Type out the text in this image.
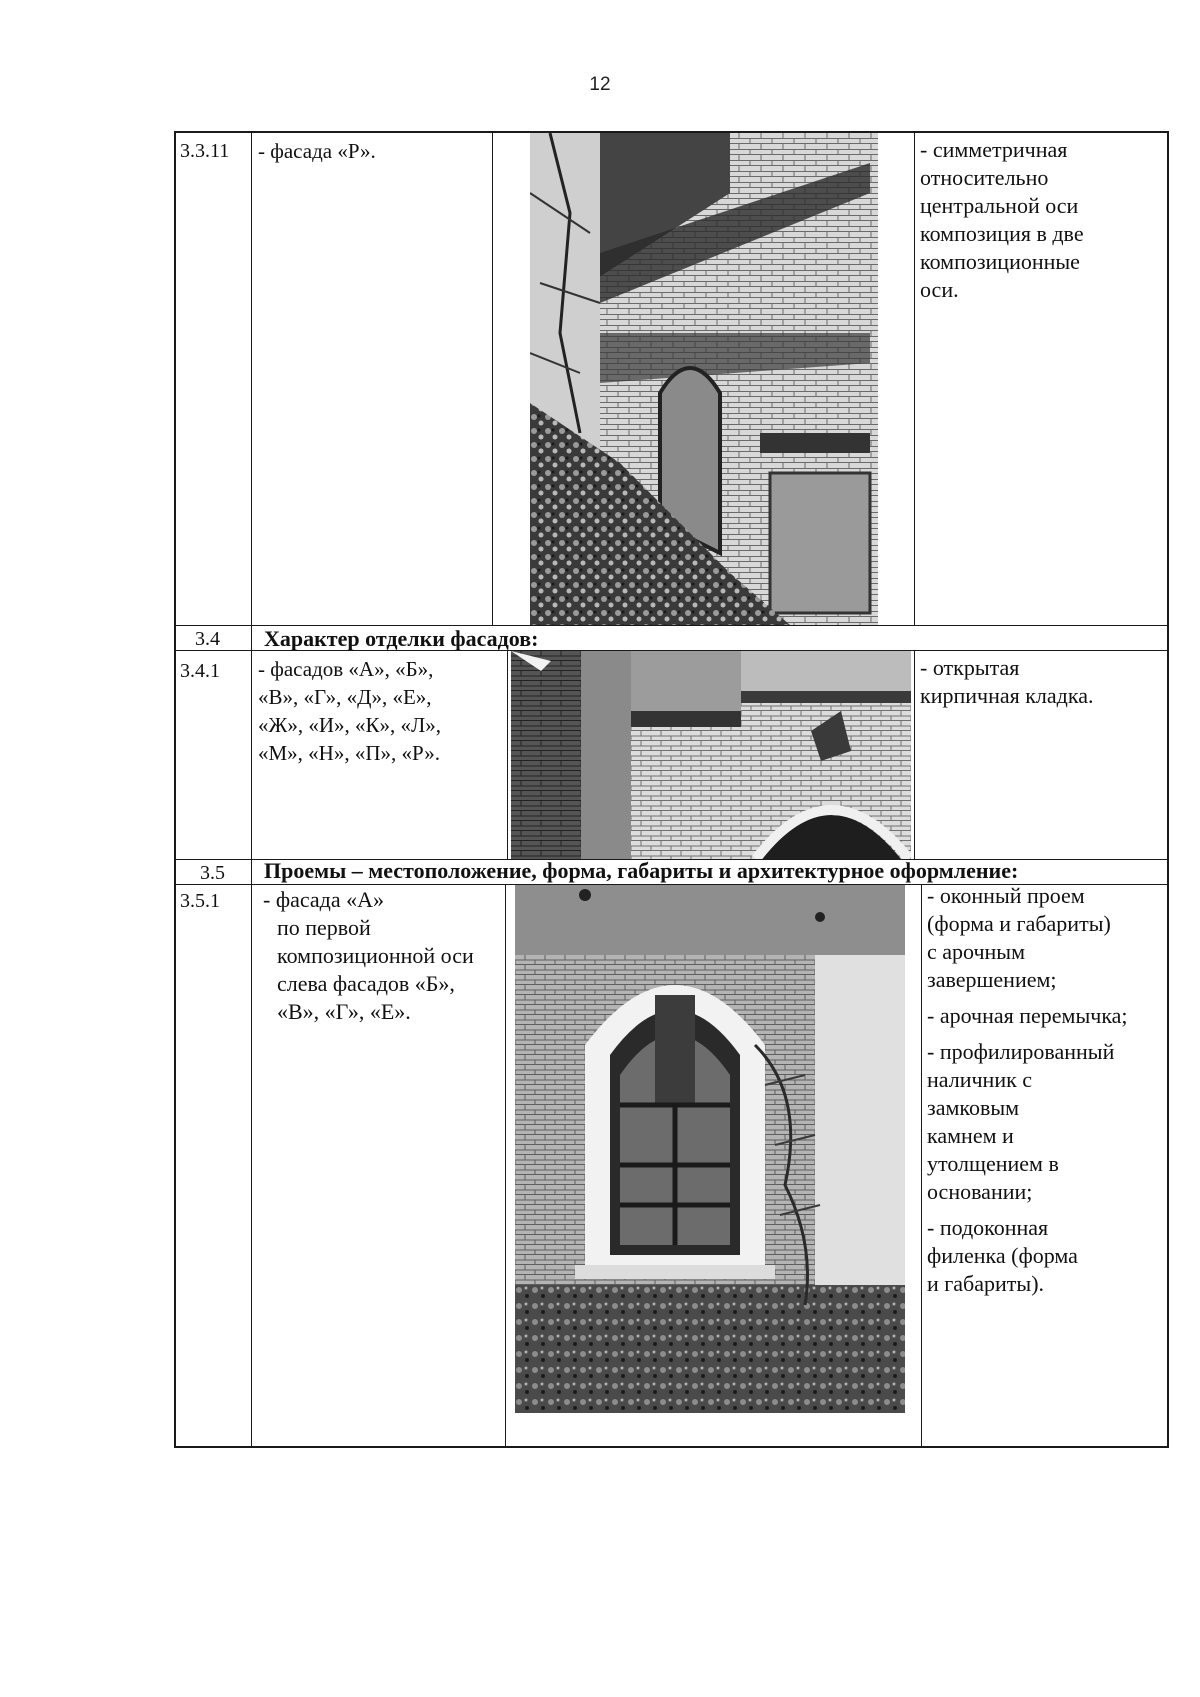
12
3.3.11 - фасада «Р».	- симметричная
относительно
центральной оси
композиция в две
композиционные
оси.
3.4 Характер отделки фасадов:
3.4.1 - фасадов «А», «Б»,
«В», «Г», «Д», «Е»,
«Ж», «И», «К», «Л»,
«М», «Н», «П», «Р».
- открытая
кирпичная кладка.
3.5 Проемы – местоположение, форма, габариты и архитектурное оформление:
3.5.1 - фасада «А»
по первой
композиционной оси
слева фасадов «Б»,
«В», «Г», «Е».
- оконный проем
(форма и габариты)
с арочным
завершением;
- арочная перемычка;
- профилированный
наличник с
замковым
камнем и
утолщением в
основании;
- подоконная
филенка (форма
и габариты).
